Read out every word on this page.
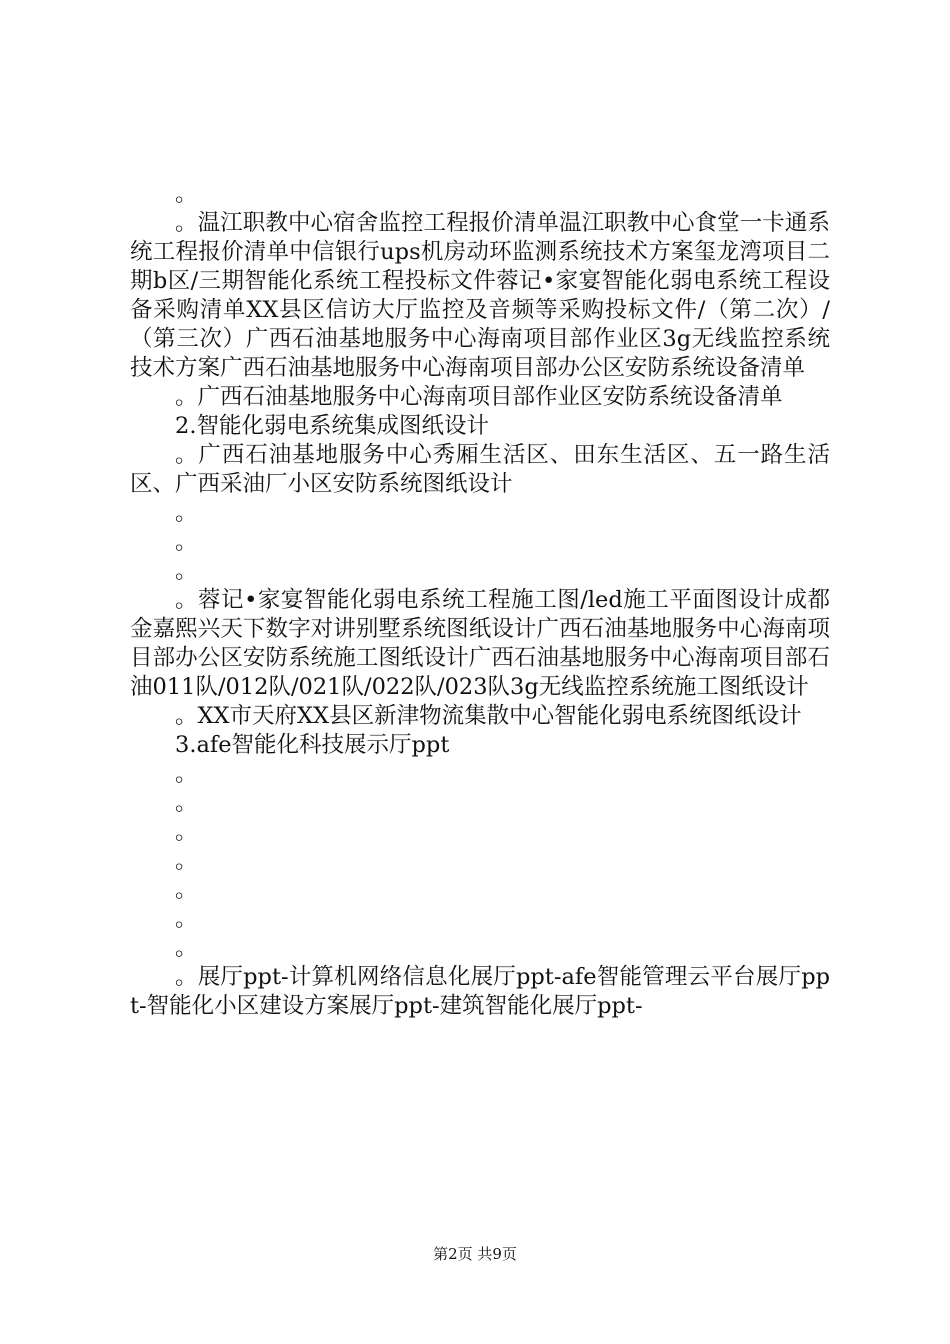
。

。温江职教中心宿舍监控工程报价清单温江职教中心食堂一卡通系统工程报价清单中信银行ups机房动环监测系统技术方案玺龙湾项目二期b区/三期智能化系统工程投标文件蓉记•家宴智能化弱电系统工程设备采购清单XX县区信访大厅监控及音频等采购投标文件/（第二次）/（第三次）广西石油基地服务中心海南项目部作业区3g无线监控系统技术方案广西石油基地服务中心海南项目部办公区安防系统设备清单

。广西石油基地服务中心海南项目部作业区安防系统设备清单

2.智能化弱电系统集成图纸设计

。广西石油基地服务中心秀厢生活区、田东生活区、五一路生活区、广西采油厂小区安防系统图纸设计

。

。

。

。蓉记•家宴智能化弱电系统工程施工图/led施工平面图设计成都金嘉熙兴天下数字对讲别墅系统图纸设计广西石油基地服务中心海南项目部办公区安防系统施工图纸设计广西石油基地服务中心海南项目部石油011队/012队/021队/022队/023队3g无线监控系统施工图纸设计

。XX市天府XX县区新津物流集散中心智能化弱电系统图纸设计

3.afe智能化科技展示厅ppt

。

。

。

。

。

。

。

。展厅ppt-计算机网络信息化展厅ppt-afe智能管理云平台展厅ppt-智能化小区建设方案展厅ppt-建筑智能化展厅ppt-

第2页 共9页
